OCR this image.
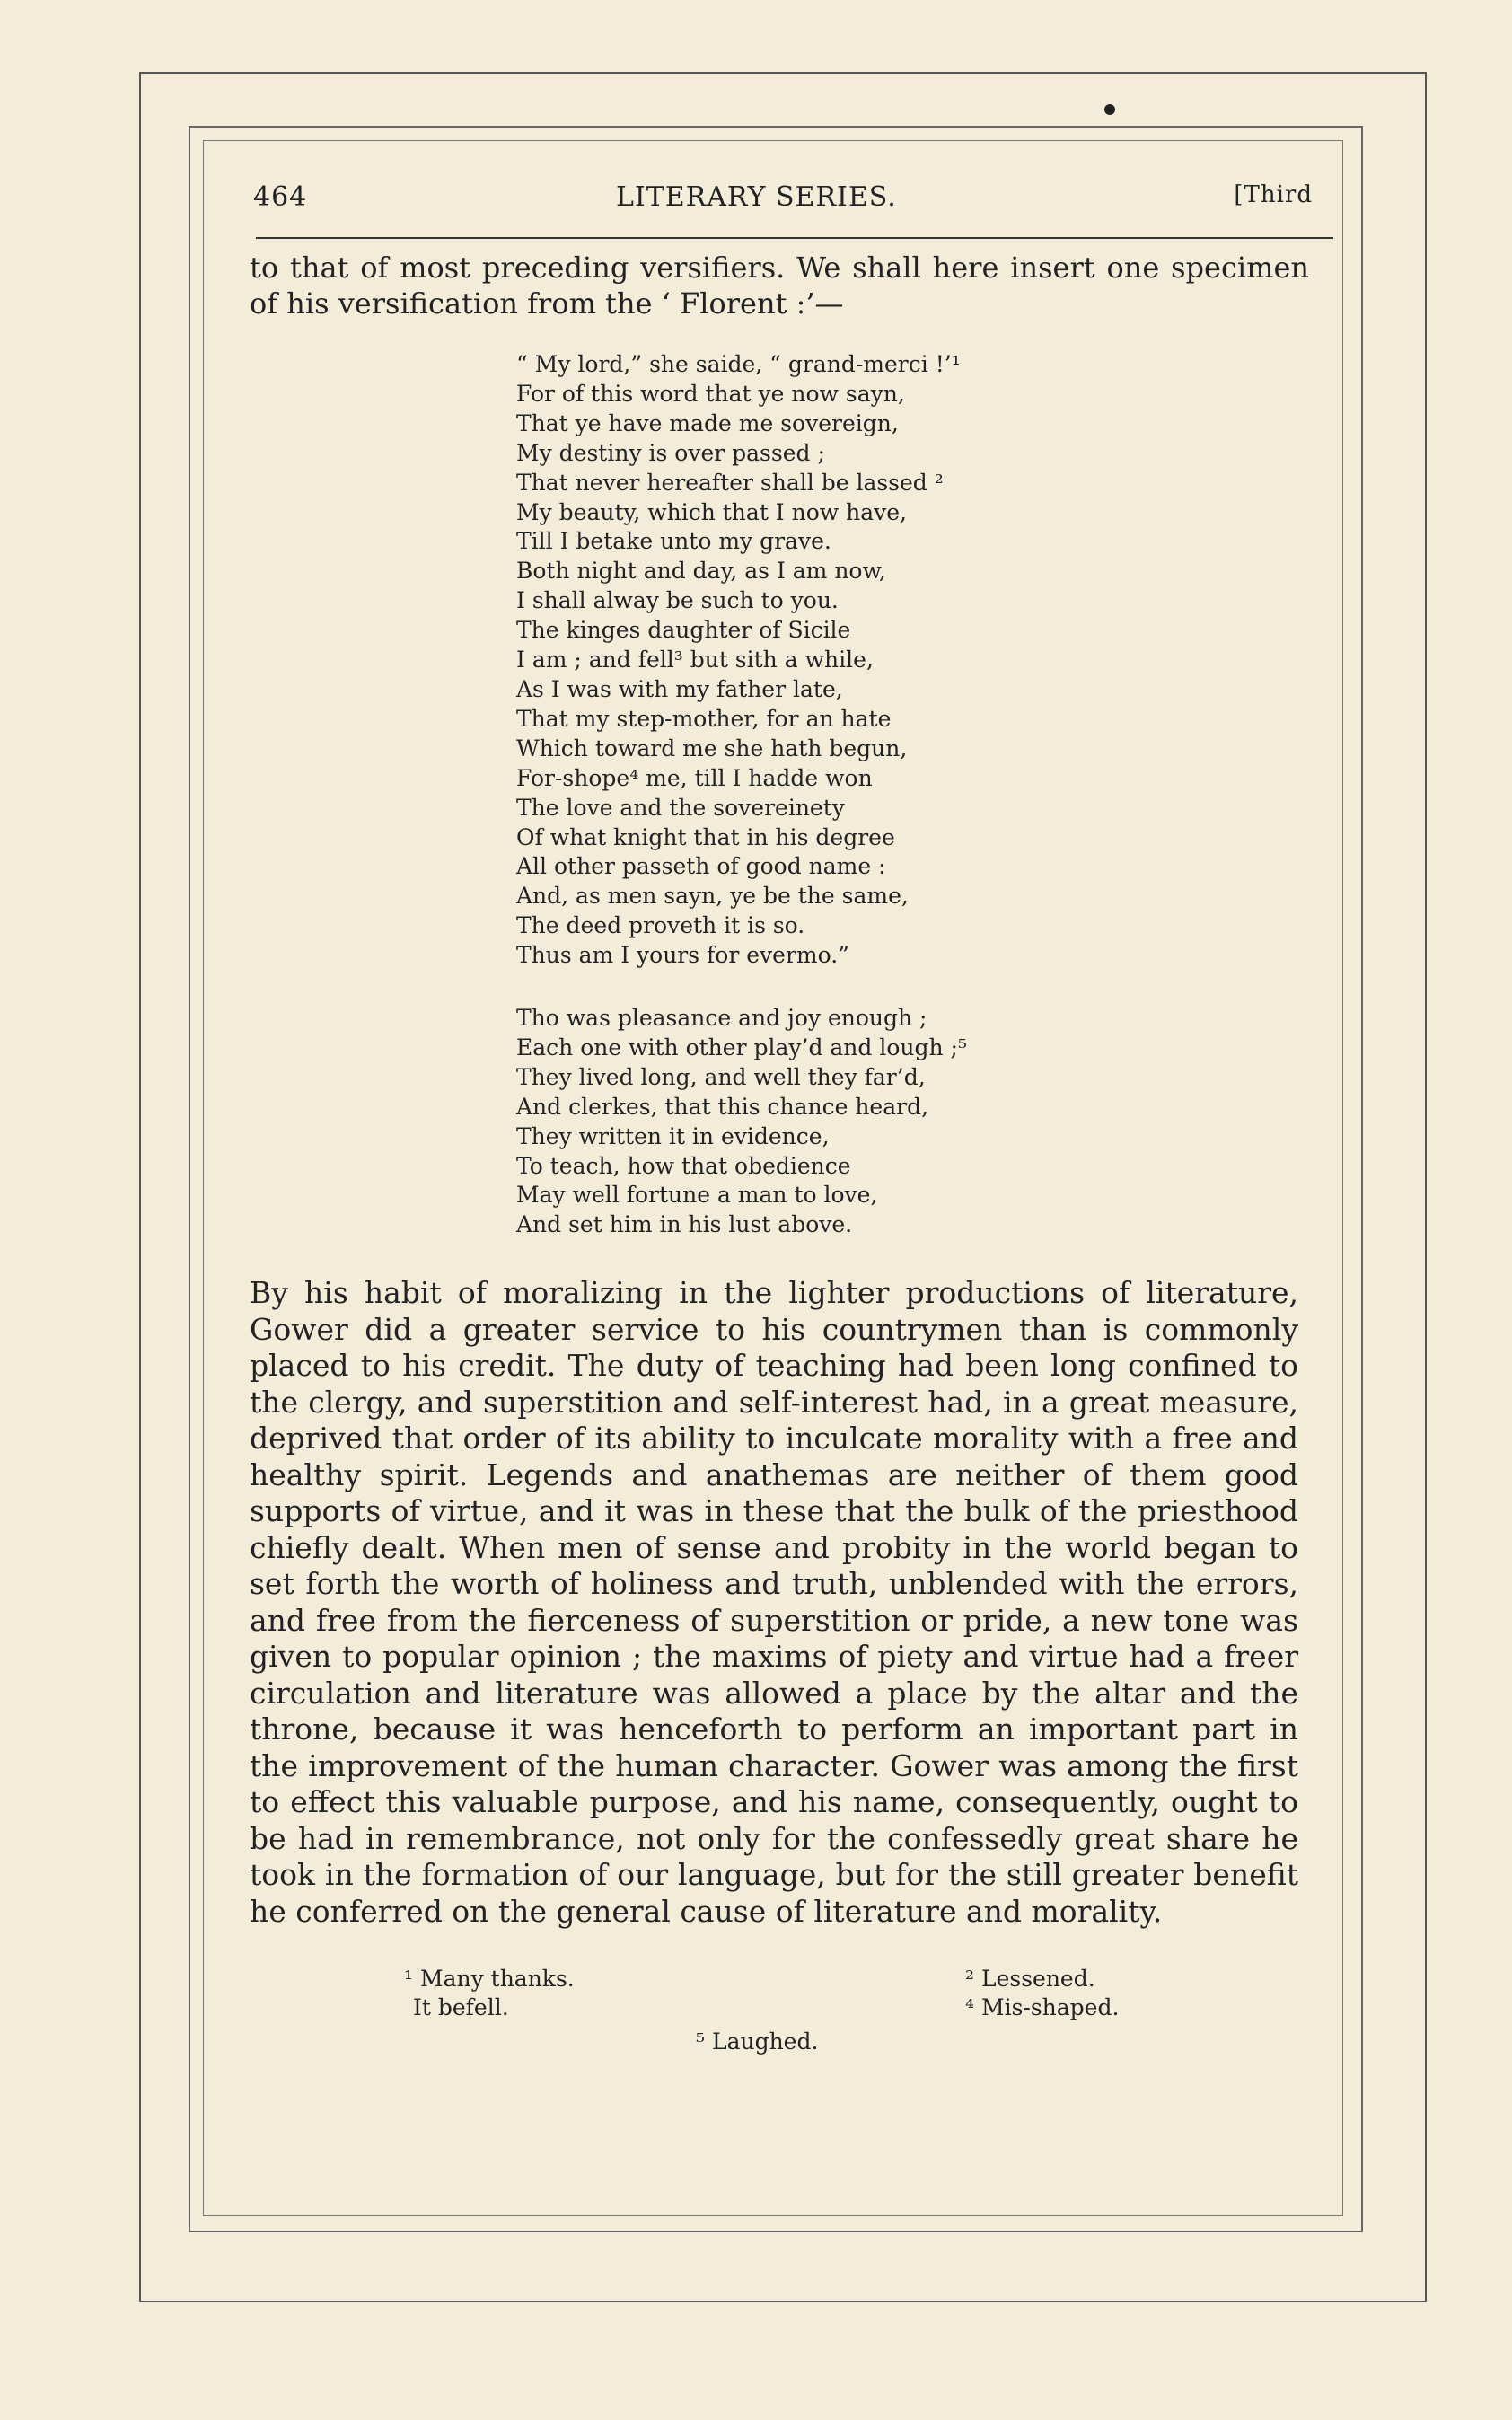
464	LITERARY SERIES.	[Third

to that of most preceding versifiers. We shall here insert one specimen of his versification from the ‘ Florent :’—

“ My lord,” she saide, “ grand-merci !’¹
For of this word that ye now sayn,
That ye have made me sovereign,
My destiny is over passed ;
That never hereafter shall be lassed ²
My beauty, which that I now have,
Till I betake unto my grave.
Both night and day, as I am now,
I shall alway be such to you.
The kinges daughter of Sicile
I am ; and fell³ but sith a while,
As I was with my father late,
That my step-mother, for an hate
Which toward me she hath begun,
For-shope⁴ me, till I hadde won
The love and the sovereinety
Of what knight that in his degree
All other passeth of good name :
And, as men sayn, ye be the same,
The deed proveth it is so.
Thus am I yours for evermo.”
Tho was pleasance and joy enough ;
Each one with other play’d and lough ;⁵
They lived long, and well they far’d,
And clerkes, that this chance heard,
They written it in evidence,
To teach, how that obedience
May well fortune a man to love,
And set him in his lust above.

By his habit of moralizing in the lighter productions of literature, Gower did a greater service to his countrymen than is commonly placed to his credit. The duty of teaching had been long confined to the clergy, and superstition and self-interest had, in a great measure, deprived that order of its ability to inculcate morality with a free and healthy spirit. Legends and anathemas are neither of them good supports of virtue, and it was in these that the bulk of the priesthood chiefly dealt. When men of sense and probity in the world began to set forth the worth of holiness and truth, unblended with the errors, and free from the fierceness of superstition or pride, a new tone was given to popular opinion ; the maxims of piety and virtue had a freer circulation and literature was allowed a place by the altar and the throne, because it was henceforth to perform an important part in the improvement of the human character. Gower was among the first to effect this valuable purpose, and his name, consequently, ought to be had in remembrance, not only for the confessedly great share he took in the formation of our language, but for the still greater benefit he conferred on the general cause of literature and morality.

¹ Many thanks.	² Lessened.
It befell.	⁴ Mis-shaped.
⁵ Laughed.
